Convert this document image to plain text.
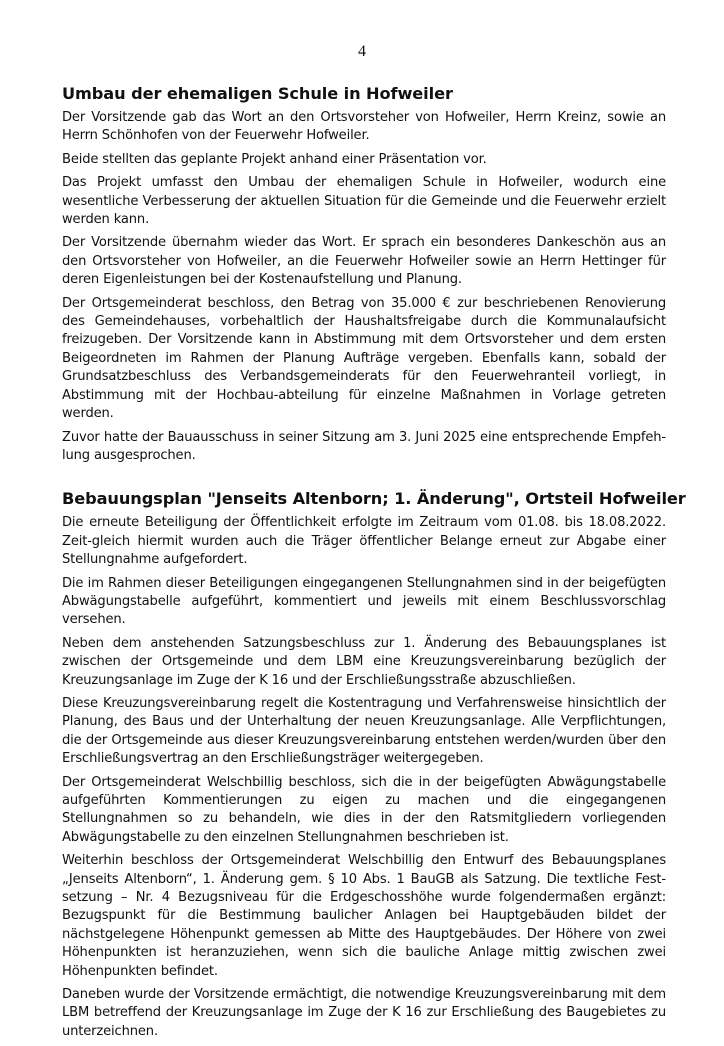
4
Umbau der ehemaligen Schule in Hofweiler

Der Vorsitzende gab das Wort an den Ortsvorsteher von Hofweiler, Herrn Kreinz, sowie an Herrn Schönhofen von der Feuerwehr Hofweiler.

Beide stellten das geplante Projekt anhand einer Präsentation vor.

Das Projekt umfasst den Umbau der ehemaligen Schule in Hofweiler, wodurch eine wesentliche Verbesserung der aktuellen Situation für die Gemeinde und die Feuerwehr erzielt werden kann.

Der Vorsitzende übernahm wieder das Wort. Er sprach ein besonderes Dankeschön aus an den Ortsvorsteher von Hofweiler, an die Feuerwehr Hofweiler sowie an Herrn Hettinger für deren Eigenleistungen bei der Kostenaufstellung und Planung.

Der Ortsgemeinderat beschloss, den Betrag von 35.000 € zur beschriebenen Renovierung des Gemeindehauses, vorbehaltlich der Haushaltsfreigabe durch die Kommunalaufsicht freizugeben. Der Vorsitzende kann in Abstimmung mit dem Ortsvorsteher und dem ersten Beigeordneten im Rahmen der Planung Aufträge vergeben. Ebenfalls kann, sobald der Grundsatzbeschluss des Verbandsgemeinderats für den Feuerwehranteil vorliegt, in Abstimmung mit der Hochbau-abteilung für einzelne Maßnahmen in Vorlage getreten werden.

Zuvor hatte der Bauausschuss in seiner Sitzung am 3. Juni 2025 eine entsprechende Empfeh-lung ausgesprochen.

Bebauungsplan "Jenseits Altenborn; 1. Änderung", Ortsteil Hofweiler

Die erneute Beteiligung der Öffentlichkeit erfolgte im Zeitraum vom 01.08. bis 18.08.2022. Zeit-gleich hiermit wurden auch die Träger öffentlicher Belange erneut zur Abgabe einer Stellungnahme aufgefordert.

Die im Rahmen dieser Beteiligungen eingegangenen Stellungnahmen sind in der beigefügten Abwägungstabelle aufgeführt, kommentiert und jeweils mit einem Beschlussvorschlag versehen.

Neben dem anstehenden Satzungsbeschluss zur 1. Änderung des Bebauungsplanes ist zwischen der Ortsgemeinde und dem LBM eine Kreuzungsvereinbarung bezüglich der Kreuzungsanlage im Zuge der K 16 und der Erschließungsstraße abzuschließen.

Diese Kreuzungsvereinbarung regelt die Kostentragung und Verfahrensweise hinsichtlich der Planung, des Baus und der Unterhaltung der neuen Kreuzungsanlage. Alle Verpflichtungen, die der Ortsgemeinde aus dieser Kreuzungsvereinbarung entstehen werden/wurden über den Erschließungsvertrag an den Erschließungsträger weitergegeben.

Der Ortsgemeinderat Welschbillig beschloss, sich die in der beigefügten Abwägungstabelle aufgeführten Kommentierungen zu eigen zu machen und die eingegangenen Stellungnahmen so zu behandeln, wie dies in der den Ratsmitgliedern vorliegenden Abwägungstabelle zu den einzelnen Stellungnahmen beschrieben ist.

Weiterhin beschloss der Ortsgemeinderat Welschbillig den Entwurf des Bebauungsplanes „Jenseits Altenborn“, 1. Änderung gem. § 10 Abs. 1 BauGB als Satzung. Die textliche Fest-setzung – Nr. 4 Bezugsniveau für die Erdgeschosshöhe wurde folgendermaßen ergänzt: Bezugspunkt für die Bestimmung baulicher Anlagen bei Hauptgebäuden bildet der nächstgelegene Höhenpunkt gemessen ab Mitte des Hauptgebäudes. Der Höhere von zwei Höhenpunkten ist heranzuziehen, wenn sich die bauliche Anlage mittig zwischen zwei Höhenpunkten befindet.

Daneben wurde der Vorsitzende ermächtigt, die notwendige Kreuzungsvereinbarung mit dem LBM betreffend der Kreuzungsanlage im Zuge der K 16 zur Erschließung des Baugebietes zu unterzeichnen.
